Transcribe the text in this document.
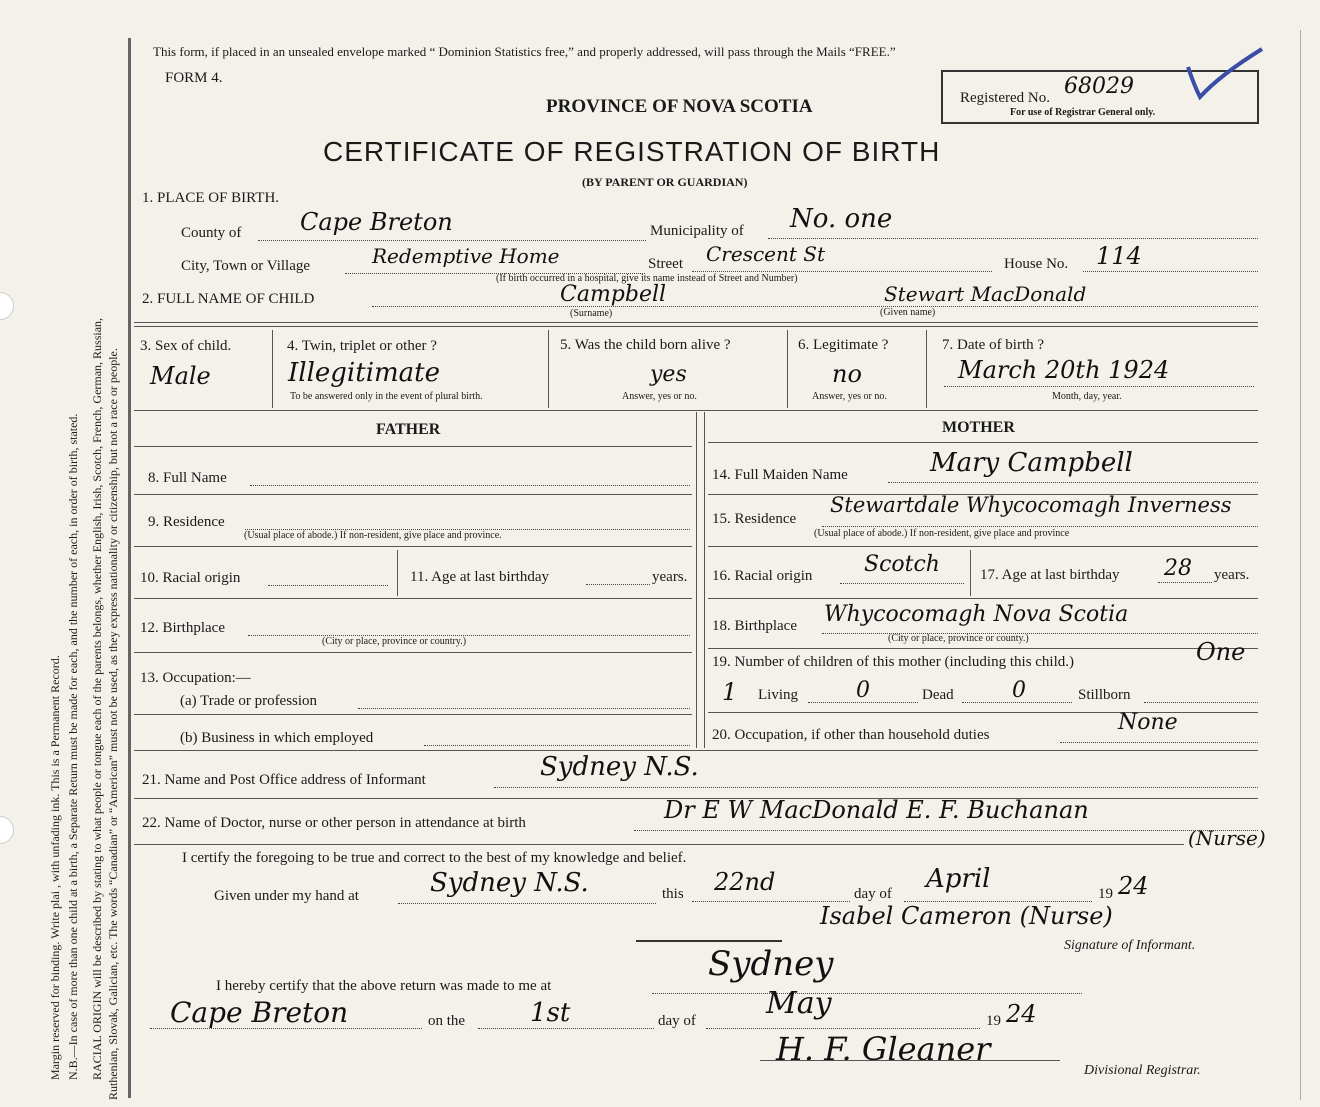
Margin reserved for binding. Write plai , with unfading ink. This is a Permanent Record. N.B.—In case of more than one child at a birth, a Separate Return must be made for each, and the number of each, in order of birth, stated. RACIAL ORIGIN will be described by stating to what people or tongue each of the parents belongs, whether English, Irish, Scotch, French, German, Russian, Ruthenian, Slovak, Galician, etc. The words “Canadian” or “American” must not be used, as they express nationality or citizenship, but not a race or people.
This form, if placed in an unsealed envelope marked “ Dominion Statistics free,” and properly addressed, will pass through the Mails “FREE.”
FORM 4.
PROVINCE OF NOVA SCOTIA
CERTIFICATE OF REGISTRATION OF BIRTH
(BY PARENT OR GUARDIAN)
Registered No. 68029
For use of Registrar General only.
1. PLACE OF BIRTH.
County of Cape Breton	Municipality of No. one
City, Town or Village	Redemptive Home	Street Crescent St	House No. 114
(If birth occurred in a hospital, give its name instead of Street and Number)
2. FULL NAME OF CHILD	Campbell
(Surname)
Stewart MacDonald
(Given name)
3. Sex of child.
Male
4. Twin, triplet or other ?
Illegitimate
To be answered only in the event of plural birth.
5. Was the child born alive ?
yes
Answer, yes or no.
6. Legitimate ?
no
Answer, yes or no.
7. Date of birth ?
March 20th 1924
Month, day, year.
FATHER	MOTHER
8. Full Name
9. Residence
(Usual place of abode.) If non-resident, give place and province.
10. Racial origin	11. Age at last birthday	years.
12. Birthplace
(City or place, province or country.)
13. Occupation:—
(a) Trade or profession
(b) Business in which employed
14. Full Maiden Name	Mary Campbell
15. Residence
Stewartdale Whycocomagh Inverness
(Usual place of abode.) If non-resident, give place and province
16. Racial origin Scotch	17. Age at last birthday 28 years.
18. Birthplace Whycocomagh Nova Scotia
(City or place, province or county.)
19. Number of children of this mother (including this child.)	One
1 Living	0	Dead	0	Stillborn
20. Occupation, if other than household duties	None
21. Name and Post Office address of Informant	Sydney N.S.
22. Name of Doctor, nurse or other person in attendance at birth	Dr E W MacDonald E. F. Buchanan
(Nurse)
I certify the foregoing to be true and correct to the best of my knowledge and belief.
Given under my hand at	Sydney N.S.	this 22nd	day of April	19 24
Isabel Cameron (Nurse)
Signature of Informant.
I hereby certify that the above return was made to me at
Sydney
Cape Breton	on the 1st	day of May	19 24
H. F. Gleaner
Divisional Registrar.
